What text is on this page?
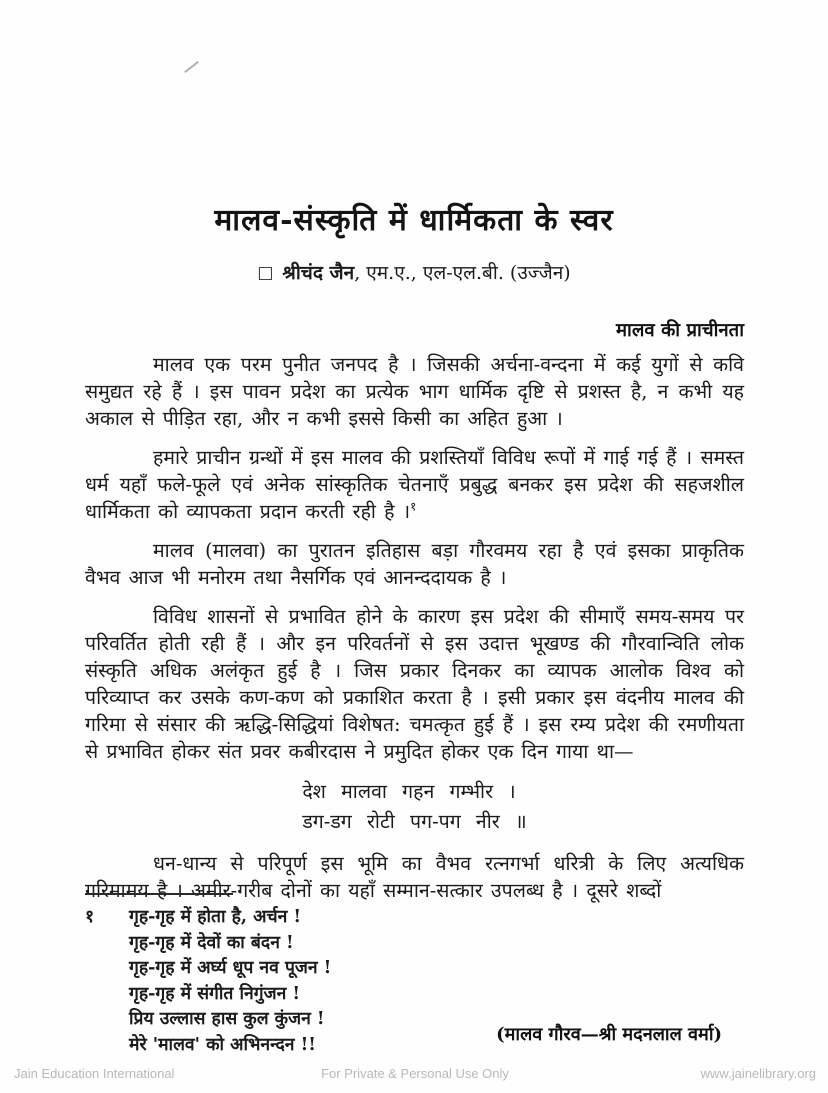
मालव-संस्कृति में धार्मिकता के स्वर
□ श्रीचंद जैन, एम.ए., एल-एल.बी. (उज्जैन)
मालव की प्राचीनता

मालव एक परम पुनीत जनपद है । जिसकी अर्चना-वन्दना में कई युगों से कवि समुद्यत रहे हैं । इस पावन प्रदेश का प्रत्येक भाग धार्मिक दृष्टि से प्रशस्त है, न कभी यह अकाल से पीड़ित रहा, और न कभी इससे किसी का अहित हुआ ।

हमारे प्राचीन ग्रन्थों में इस मालव की प्रशस्तियाँ विविध रूपों में गाई गई हैं । समस्त धर्म यहाँ फले-फूले एवं अनेक सांस्कृतिक चेतनाएँ प्रबुद्ध बनकर इस प्रदेश की सहजशील धार्मिकता को व्यापकता प्रदान करती रही है ।$^१$

मालव (मालवा) का पुरातन इतिहास बड़ा गौरवमय रहा है एवं इसका प्राकृतिक वैभव आज भी मनोरम तथा नैसर्गिक एवं आनन्ददायक है ।

विविध शासनों से प्रभावित होने के कारण इस प्रदेश की सीमाएँ समय-समय पर परिवर्तित होती रही हैं । और इन परिवर्तनों से इस उदात्त भूखण्ड की गौरवान्विति लोक संस्कृति अधिक अलंकृत हुई है । जिस प्रकार दिनकर का व्यापक आलोक विश्व को परिव्याप्त कर उसके कण-कण को प्रकाशित करता है । इसी प्रकार इस वंदनीय मालव की गरिमा से संसार की ऋद्धि-सिद्धियां विशेषत: चमत्कृत हुई हैं । इस रम्य प्रदेश की रमणीयता से प्रभावित होकर संत प्रवर कबीरदास ने प्रमुदित होकर एक दिन गाया था—

देश मालवा गहन गम्भीर ।
डग-डग रोटी पग-पग नीर ॥

धन-धान्य से परिपूर्ण इस भूमि का वैभव रत्नगर्भा धरित्री के लिए अत्यधिक गरिमामय है । अमीर-गरीब दोनों का यहाँ सम्मान-सत्कार उपलब्ध है । दूसरे शब्दों

१	गृह-गृह में होता है, अर्चन !
गृह-गृह में देवों का बंदन !
गृह-गृह में अर्घ्य धूप नव पूजन !
गृह-गृह में संगीत निगुंजन !
प्रिय उल्लास हास कुल कुंजन !
मेरे 'मालव' को अभिनन्दन !!	(मालव गौरव—श्री मदनलाल वर्मा)
For Private & Personal Use Only
Jain Education International	www.jainelibrary.org
